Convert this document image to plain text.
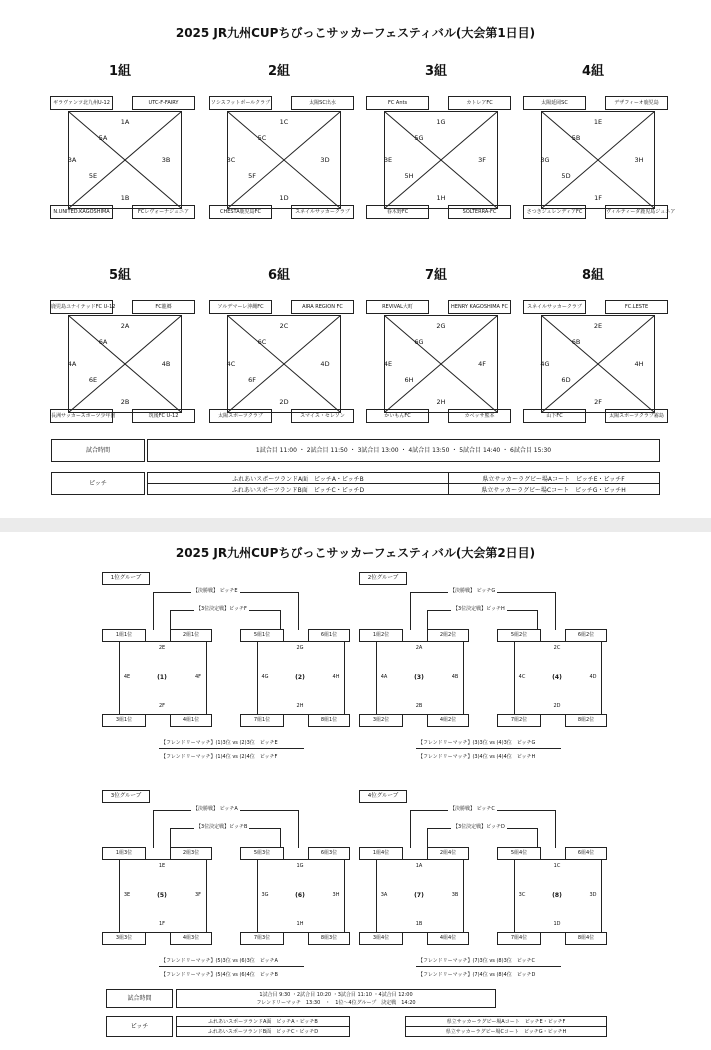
2025 JR九州CUPちびっこサッカーフェスティバル(大会第1日目)
1組
ギラヴァンツ北九州U-12	UTC-F-FAIRY
N.UNITED.KAGOSHIMA	FCレヴォーナジュニア
1A
1B
3A	3B
5A
5E
2組
ソシスフットボールクラブ	太陽SC出水
CHESTA鹿児島FC	スネイルサッカークラブ
1C
1D
3C	3D
5C
5F
3組
FC Ants	カトレアFC
春木野FC	SOLTERRA-FC
1G
1H
3E	3F
5G
5H
4組
太陽延岡SC	デザフィーオ鹿児島
さつきジュレンディアFC	ヴィルティーダ鹿児島ジュニア
1E
1F
3G	3H
5B
5D
5組
鹿児島ユナイテッドFC U-12	FC龍郷
長洲サッカースポーツ少年団	筑後FC U-12
2A
2B
4A	4B
6A
6E
6組
ソルデマーレ沖縄FC	AIRA REGION FC
太陽スポーツクラブ	スマイス・セレソン
2C
2D
4C	4D
6C
6F
7組
REVIVAL大町	HENRY KAGOSHIMA FC
かいもんFC	カベッサ熊本
2G
2H
4E	4F
6G
6H
8組
スネイルサッカークラブ	FC.LESTE
山下FC	太陽スポーツクラブ霧島
2E
2F
4G	4H
6B
6D
試合時間	1試合目 11:00 ・ 2試合目 11:50 ・ 3試合目 13:00 ・ 4試合目 13:50 ・ 5試合目 14:40 ・ 6試合目 15:30
ピッチ
ふれあいスポーツランドA面　ピッチA・ピッチB
ふれあいスポーツランドB面　ピッチC・ピッチD
県立サッカーラグビー場Aコート　ピッチE・ピッチF
県立サッカーラグビー場Cコート　ピッチG・ピッチH
2025 JR九州CUPちびっこサッカーフェスティバル(大会第2日目)
1位グループ
【決勝戦】 ピッチE
【3位決定戦】ピッチF
1組1位	2組1位
3組1位	4組1位
2E
2F
4E	4F
(1)
5組1位	6組1位
7組1位	8組1位
2G
2H
4G	4H
(2)
【フレンドリーマッチ】(1)3位 vs (2)3位　ピッチE
【フレンドリーマッチ】(1)4位 vs (2)4位　ピッチF
2位グループ
【決勝戦】 ピッチG
【3位決定戦】ピッチH
1組2位	2組2位
3組2位	4組2位
2A
2B
4A	4B
(3)
5組2位	6組2位
7組2位	8組2位
2C
2D
4C	4D
(4)
【フレンドリーマッチ】(3)3位 vs (4)3位　ピッチG
【フレンドリーマッチ】(3)4位 vs (4)4位　ピッチH
3位グループ
【決勝戦】 ピッチA
【3位決定戦】ピッチB
1組3位	2組3位
3組3位	4組3位
1E
1F
3E	3F
(5)
5組3位	6組3位
7組3位	8組3位
1G
1H
3G	3H
(6)
【フレンドリーマッチ】(5)3位 vs (6)3位　ピッチA
【フレンドリーマッチ】(5)4位 vs (6)4位　ピッチB
4位グループ
【決勝戦】 ピッチC
【3位決定戦】ピッチD
1組4位	2組4位
3組4位	4組4位
1A
1B
3A	3B
(7)
5組4位	6組4位
7組4位	8組4位
1C
1D
3C	3D
(8)
【フレンドリーマッチ】(7)3位 vs (8)3位　ピッチC
【フレンドリーマッチ】(7)4位 vs (8)4位　ピッチD
試合時間	1試合目 9:30 ・2試合目 10:20 ・3試合目 11:10 ・4試合目 12:00
フレンドリーマッチ　13:30　・　1位〜4位グループ　決定戦　14:20
ピッチ
ふれあいスポーツランドA面　ピッチA・ピッチB
ふれあいスポーツランドB面　ピッチC・ピッチD
県立サッカーラグビー場Aコート　ピッチE・ピッチF
県立サッカーラグビー場Cコート　ピッチG・ピッチH
